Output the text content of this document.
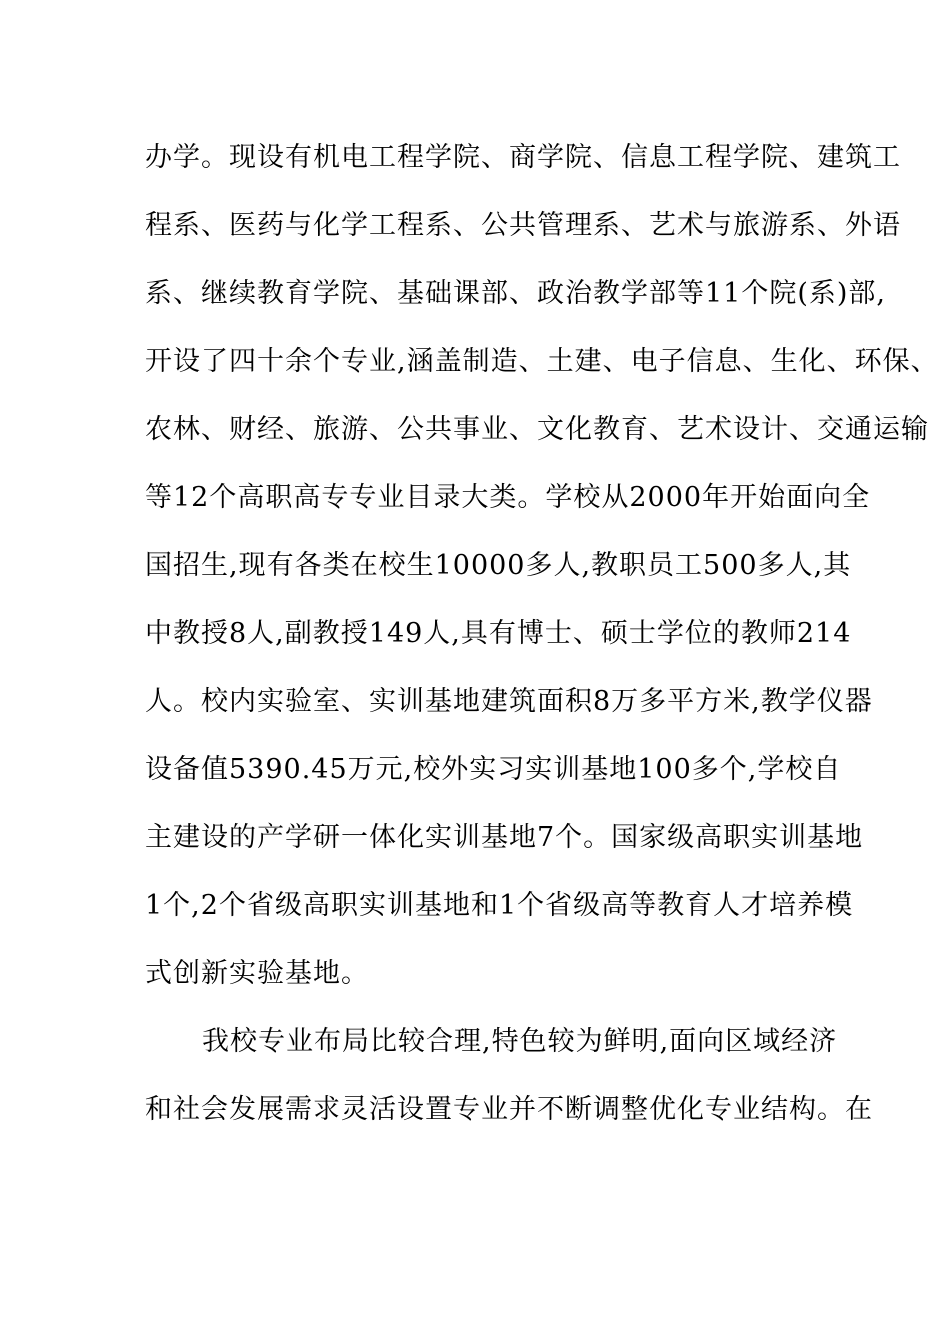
办学。现设有机电工程学院、商学院、信息工程学院、建筑工
程系、医药与化学工程系、公共管理系、艺术与旅游系、外语
系、继续教育学院、基础课部、政治教学部等11个院(系)部,
开设了四十余个专业,涵盖制造、土建、电子信息、生化、环保、
农林、财经、旅游、公共事业、文化教育、艺术设计、交通运输
等12个高职高专专业目录大类。学校从2000年开始面向全
国招生,现有各类在校生10000多人,教职员工500多人,其
中教授8人,副教授149人,具有博士、硕士学位的教师214
人。校内实验室、实训基地建筑面积8万多平方米,教学仪器
设备值5390.45万元,校外实习实训基地100多个,学校自
主建设的产学研一体化实训基地7个。国家级高职实训基地
1个,2个省级高职实训基地和1个省级高等教育人才培养模
式创新实验基地。
我校专业布局比较合理,特色较为鲜明,面向区域经济
和社会发展需求灵活设置专业并不断调整优化专业结构。在
